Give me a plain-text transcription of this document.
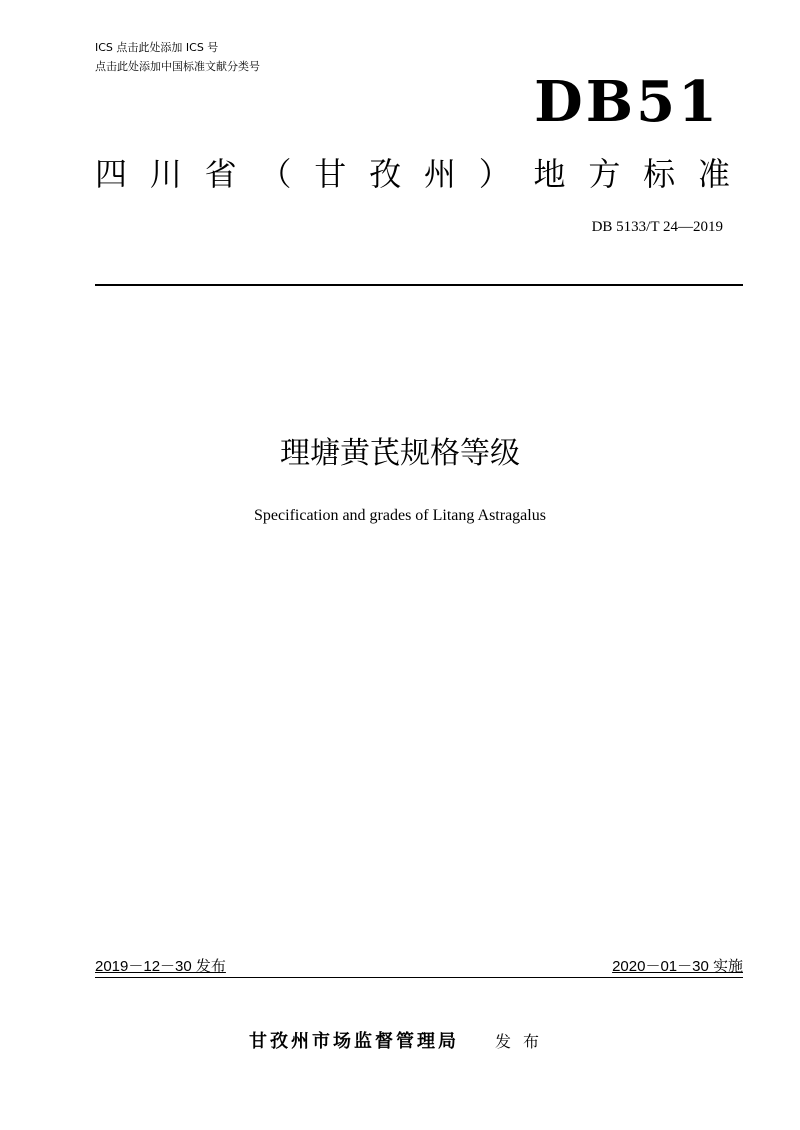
ICS 点击此处添加 ICS 号
点击此处添加中国标准文献分类号
DB51
四 川 省 （ 甘 孜 州 ） 地 方 标 准
DB 5133/T 24—2019
理塘黄芪规格等级
Specification and grades of Litang Astragalus
2019－12－30 发布	2020－01－30 实施
甘孜州市场监督管理局 发布
